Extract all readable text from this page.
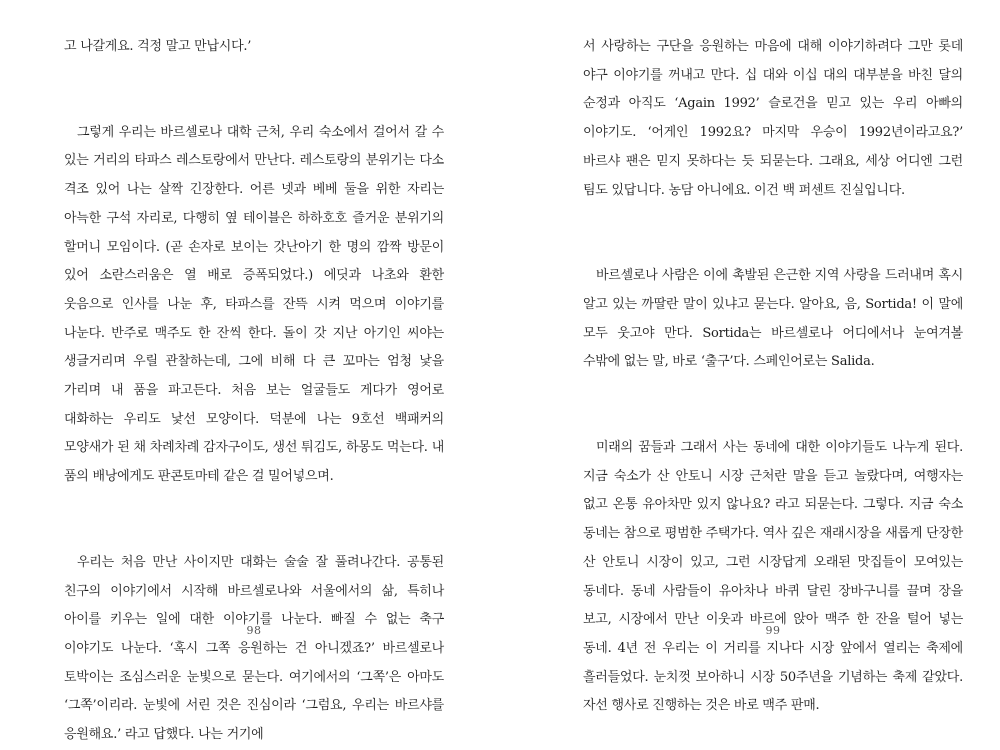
고 나갈게요. 걱정 말고 만납시다.’

그렇게 우리는 바르셀로나 대학 근처, 우리 숙소에서 걸어서 갈 수 있는 거리의 타파스 레스토랑에서 만난다. 레스토랑의 분위기는 다소 격조 있어 나는 살짝 긴장한다. 어른 넷과 베베 둘을 위한 자리는 아늑한 구석 자리로, 다행히 옆 테이블은 하하호호 즐거운 분위기의 할머니 모임이다. (곧 손자로 보이는 갓난아기 한 명의 깜짝 방문이 있어 소란스러움은 열 배로 증폭되었다.) 에딧과 나초와 환한 웃음으로 인사를 나눈 후, 타파스를 잔뜩 시켜 먹으며 이야기를 나눈다. 반주로 맥주도 한 잔씩 한다. 돌이 갓 지난 아기인 씨야는 생글거리며 우릴 관찰하는데, 그에 비해 다 큰 꼬마는 엄청 낯을 가리며 내 품을 파고든다. 처음 보는 얼굴들도 게다가 영어로 대화하는 우리도 낯선 모양이다. 덕분에 나는 9호선 백패커의 모양새가 된 채 차례차례 감자구이도, 생선 튀김도, 하몽도 먹는다. 내 품의 배낭에게도 판콘토마테 같은 걸 밀어넣으며.

우리는 처음 만난 사이지만 대화는 술술 잘 풀려나간다. 공통된 친구의 이야기에서 시작해 바르셀로나와 서울에서의 삶, 특히나 아이를 키우는 일에 대한 이야기를 나눈다. 빠질 수 없는 축구 이야기도 나눈다. ‘혹시 그쪽 응원하는 건 아니겠죠?’ 바르셀로나 토박이는 조심스러운 눈빛으로 묻는다. 여기에서의 ‘그쪽’은 아마도 ‘그쪽’이리라. 눈빛에 서린 것은 진심이라 ‘그럼요, 우리는 바르샤를 응원해요.’ 라고 답했다. 나는 거기에

98

서 사랑하는 구단을 응원하는 마음에 대해 이야기하려다 그만 롯데 야구 이야기를 꺼내고 만다. 십 대와 이십 대의 대부분을 바친 달의 순정과 아직도 ‘Again 1992’ 슬로건을 믿고 있는 우리 아빠의 이야기도. ‘어게인 1992요? 마지막 우승이 1992년이라고요?’ 바르샤 팬은 믿지 못하다는 듯 되묻는다. 그래요, 세상 어디엔 그런 팀도 있답니다. 농담 아니에요. 이건 백 퍼센트 진실입니다.

바르셀로나 사람은 이에 촉발된 은근한 지역 사랑을 드러내며 혹시 알고 있는 까딸란 말이 있냐고 묻는다. 알아요, 음, Sortida! 이 말에 모두 웃고야 만다. Sortida는 바르셀로나 어디에서나 눈여겨볼 수밖에 없는 말, 바로 ‘출구’다. 스페인어로는 Salida.

미래의 꿈들과 그래서 사는 동네에 대한 이야기들도 나누게 된다. 지금 숙소가 산 안토니 시장 근처란 말을 듣고 놀랐다며, 여행자는 없고 온통 유아차만 있지 않나요? 라고 되묻는다. 그렇다. 지금 숙소 동네는 참으로 평범한 주택가다. 역사 깊은 재래시장을 새롭게 단장한 산 안토니 시장이 있고, 그런 시장답게 오래된 맛집들이 모여있는 동네다. 동네 사람들이 유아차나 바퀴 달린 장바구니를 끌며 장을 보고, 시장에서 만난 이웃과 바르에 앉아 맥주 한 잔을 털어 넣는 동네. 4년 전 우리는 이 거리를 지나다 시장 앞에서 열리는 축제에 흘러들었다. 눈치껏 보아하니 시장 50주년을 기념하는 축제 같았다. 자선 행사로 진행하는 것은 바로 맥주 판매.

99
